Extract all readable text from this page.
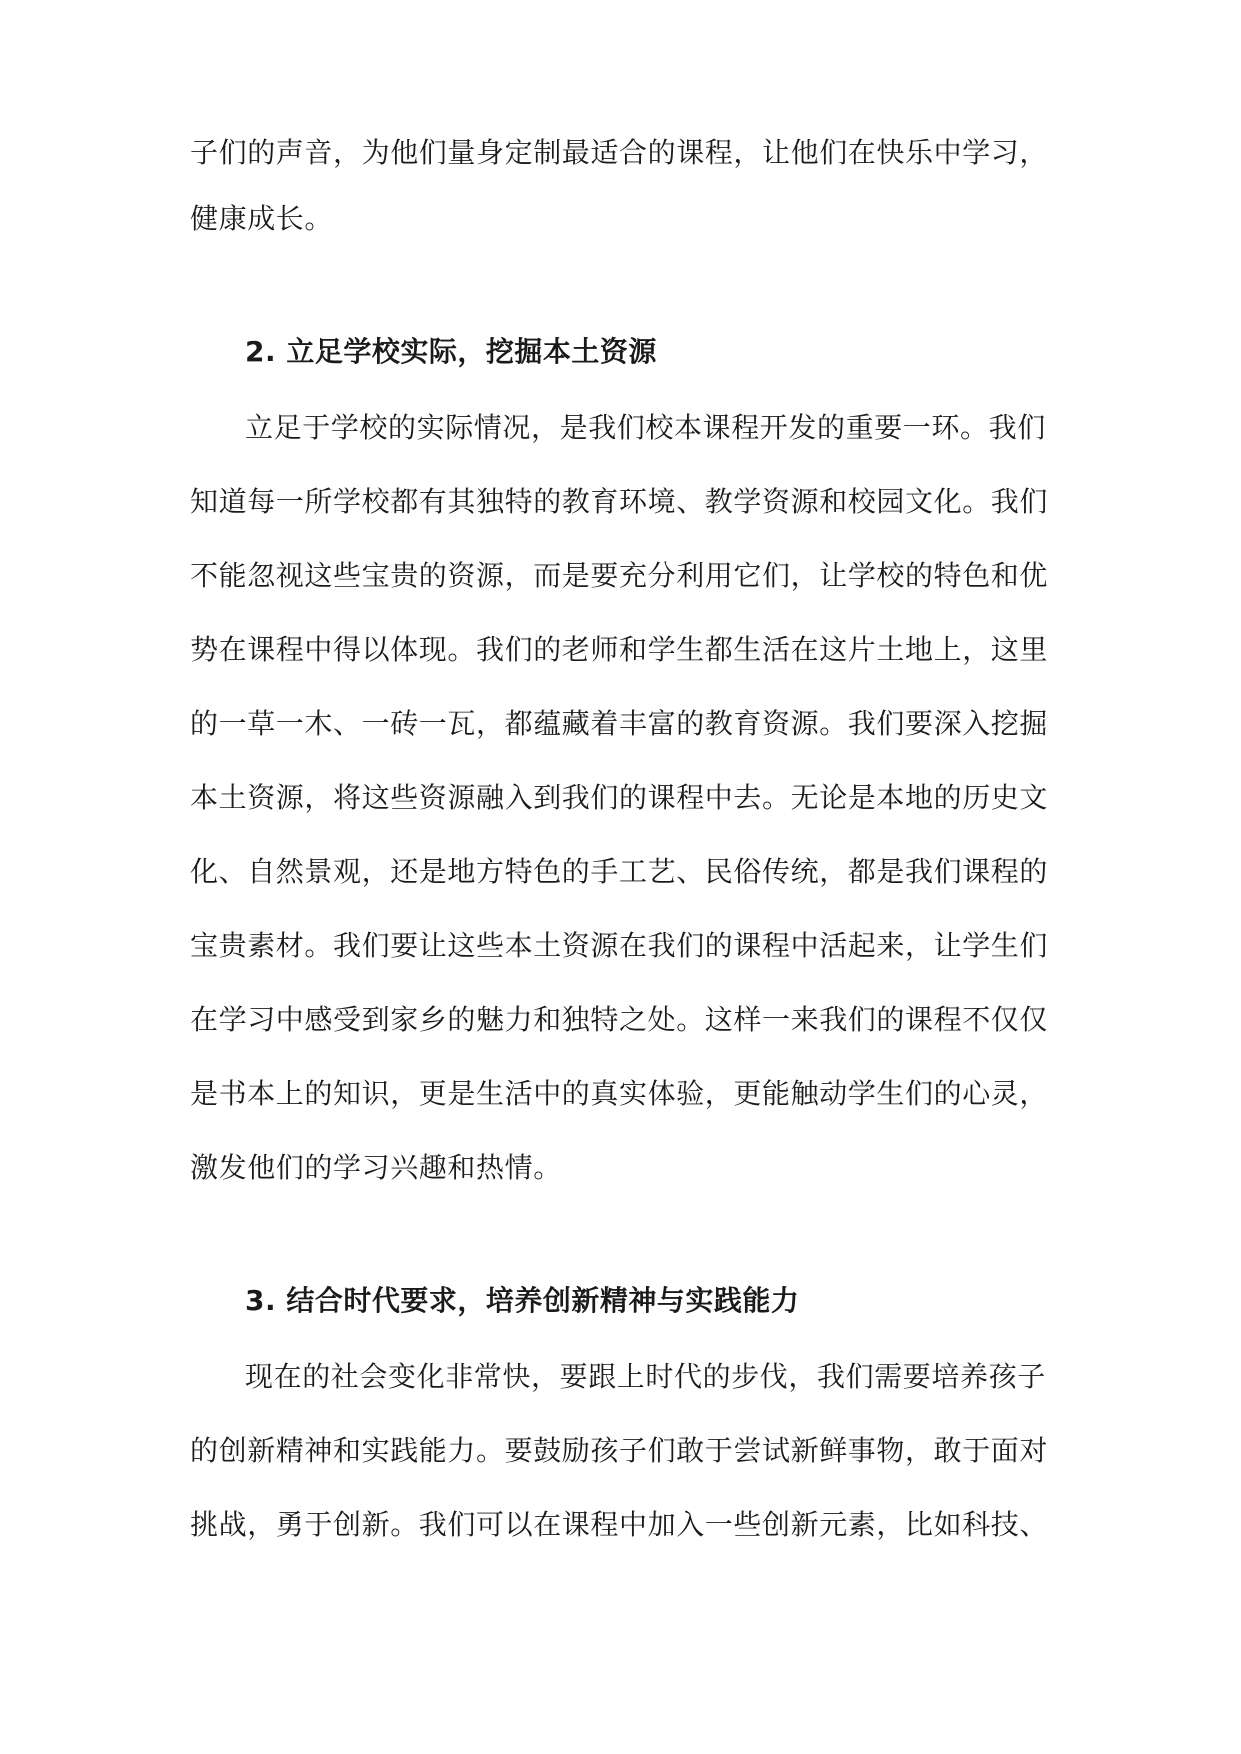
子们的声音，为他们量身定制最适合的课程，让他们在快乐中学习，
健康成长。
2. 立足学校实际，挖掘本土资源
立足于学校的实际情况，是我们校本课程开发的重要一环。我们
知道每一所学校都有其独特的教育环境、教学资源和校园文化。我们
不能忽视这些宝贵的资源，而是要充分利用它们，让学校的特色和优
势在课程中得以体现。我们的老师和学生都生活在这片土地上，这里
的一草一木、一砖一瓦，都蕴藏着丰富的教育资源。我们要深入挖掘
本土资源，将这些资源融入到我们的课程中去。无论是本地的历史文
化、自然景观，还是地方特色的手工艺、民俗传统，都是我们课程的
宝贵素材。我们要让这些本土资源在我们的课程中活起来，让学生们
在学习中感受到家乡的魅力和独特之处。这样一来我们的课程不仅仅
是书本上的知识，更是生活中的真实体验，更能触动学生们的心灵，
激发他们的学习兴趣和热情。
3. 结合时代要求，培养创新精神与实践能力
现在的社会变化非常快，要跟上时代的步伐，我们需要培养孩子
的创新精神和实践能力。要鼓励孩子们敢于尝试新鲜事物，敢于面对
挑战，勇于创新。我们可以在课程中加入一些创新元素，比如科技、
